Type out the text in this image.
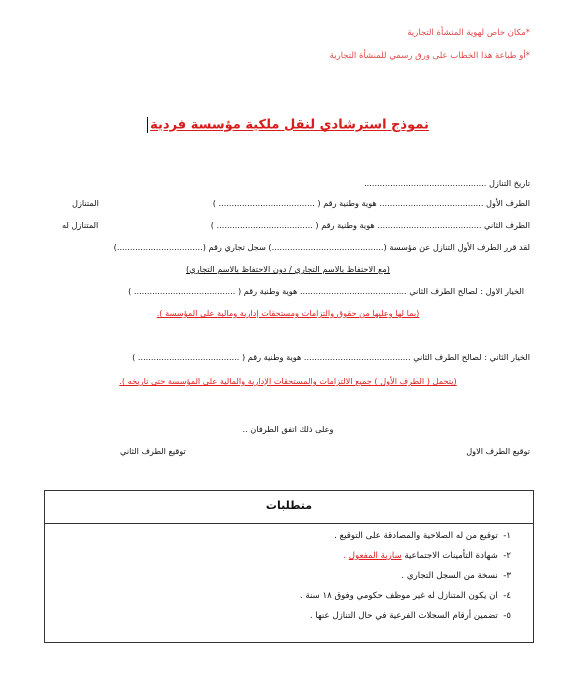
*مكان خاص لهوية المنشأة التجارية
*أو طباعة هذا الخطاب على ورق رسمي للمنشأة التجارية
نموذج استرشادي لنقل ملكية مؤسسة فردية
تاريخ التنازل ...............................................
الطرف الأول ........................................ هوية وطنية رقم ( ..................................... )
المتنازل
الطرف الثاني ........................................ هوية وطنية رقم ( ..................................... )
المتنازل له
لقد قرر الطرف الأول التنازل عن مؤسسة (...........................................) سجل تجاري رقم (.................................)
(مع الاحتفاظ بالاسم التجاري / دون الاحتفاظ بالاسم التجاري)
الخيار الاول : لصالح الطرف الثاني ......................................... هوية وطنية رقم ( ....................................... )
(بما لها وعليها من حقوق والتزامات ومستحقات إدارية ومالية على المؤسسة ).
الخيار الثاني : لصالح الطرف الثاني ......................................... هوية وطنية رقم ( ....................................... )
(يتحمل ( الطرف الأول ) جميع الالتزامات والمستحقات الإدارية والمالية على المؤسسة حتى تاريخه ).
وعلى ذلك اتفق الطرفان ..
توقيع الطرف الاول
توقيع الطرف الثاني
متطلبات
١-  توقيع من له الصلاحية والمصادقة على التوقيع .
٢-  شهادة التأمينات الاجتماعية سارية المفعول .
٣-  نسخة من السجل التجاري .
٤-  ان يكون المتنازل له غير موظف حكومي وفوق ١٨ سنة .
٥-  تضمين أرقام السجلات الفرعية في حال التنازل عنها .
